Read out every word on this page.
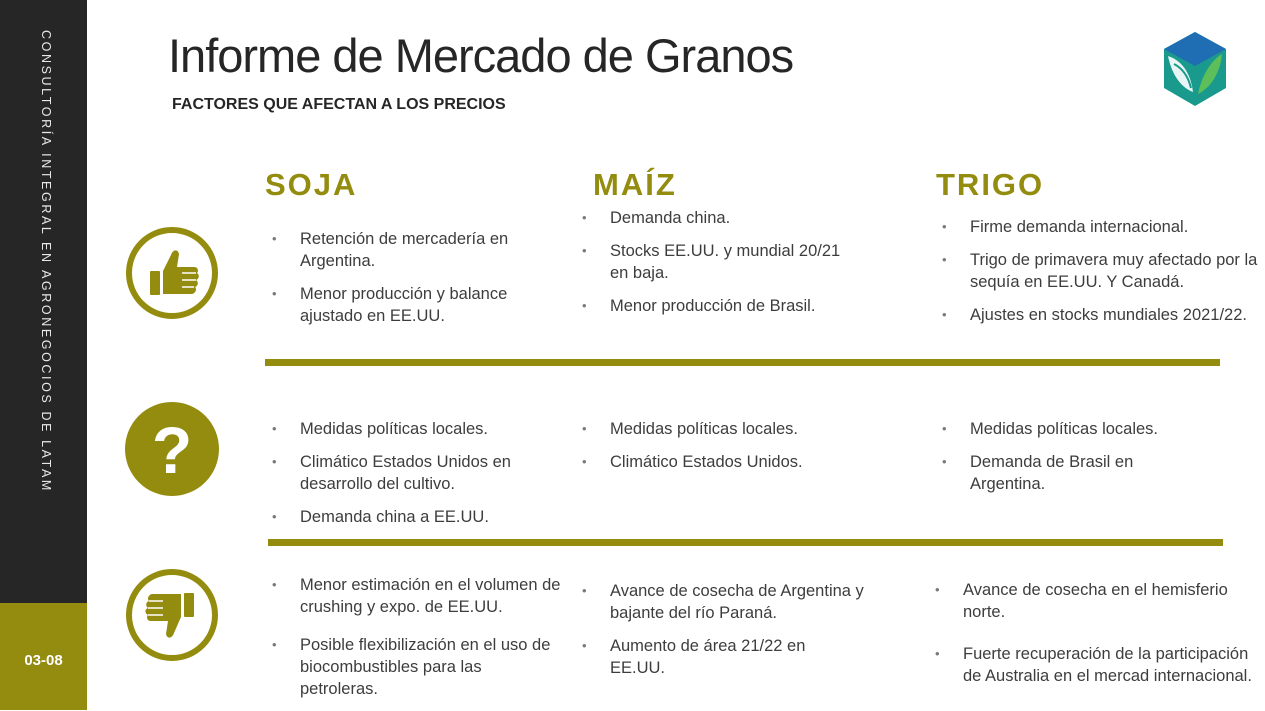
CONSULTORÍA INTEGRAL EN AGRONEGOCIOS DE LATAM
03-08
Informe de Mercado de Granos
FACTORES QUE AFECTAN A LOS PRECIOS
SOJA	MAÍZ	TRIGO
?
• Retención de mercadería en Argentina.
• Menor producción y balance ajustado en EE.UU.
• Demanda china.
• Stocks EE.UU. y mundial 20/21 en baja.
• Menor producción de Brasil.
• Firme demanda internacional.
• Trigo de primavera muy afectado por la sequía en EE.UU. Y Canadá.
• Ajustes en stocks mundiales 2021/22.
• Medidas políticas locales.
• Climático Estados Unidos en desarrollo del cultivo.
• Demanda china a EE.UU.
• Medidas políticas locales.
• Climático Estados Unidos.
• Medidas políticas locales.
• Demanda de Brasil en Argentina.
• Menor estimación en el volumen de crushing y expo. de EE.UU.
• Posible flexibilización en el uso de biocombustibles para las petroleras.
• Avance de cosecha de Argentina y bajante del río Paraná.
• Aumento de área 21/22 en EE.UU.
• Avance de cosecha en el hemisferio norte.
• Fuerte recuperación de la participación de Australia en el mercad internacional.
